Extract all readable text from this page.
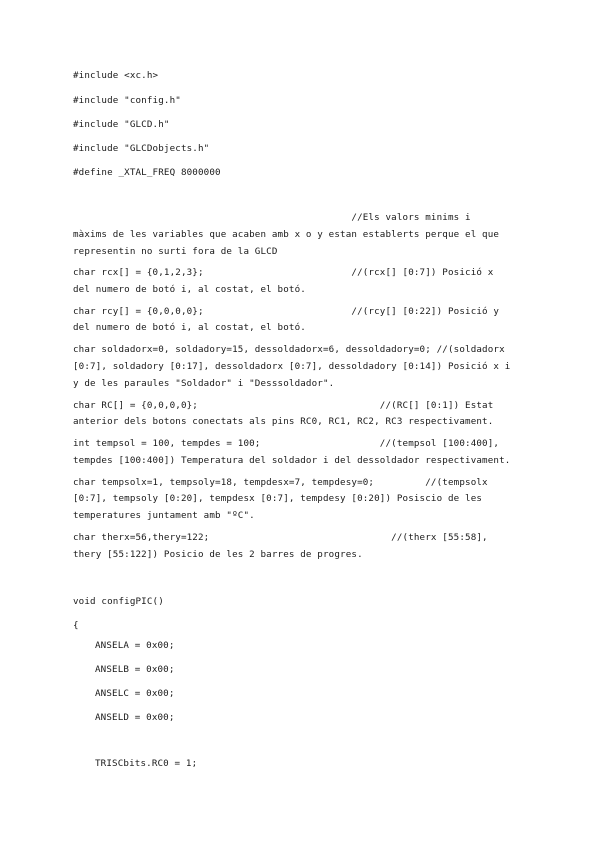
#include <xc.h>
#include "config.h"
#include "GLCD.h"
#include "GLCDobjects.h"
#define _XTAL_FREQ 8000000
//Els valors minims i
màxims de les variables que acaben amb x o y estan establerts perque el que
representin no surti fora de la GLCD
char rcx[] = {0,1,2,3};                          //(rcx[] [0:7]) Posició x
del numero de botó i, al costat, el botó.
char rcy[] = {0,0,0,0};                          //(rcy[] [0:22]) Posició y
del numero de botó i, al costat, el botó.
char soldadorx=0, soldadory=15, dessoldadorx=6, dessoldadory=0; //(soldadorx
[0:7], soldadory [0:17], dessoldadorx [0:7], dessoldadory [0:14]) Posició x i
y de les paraules "Soldador" i "Desssoldador".
char RC[] = {0,0,0,0};                                //(RC[] [0:1]) Estat
anterior dels botons conectats als pins RC0, RC1, RC2, RC3 respectivament.
int tempsol = 100, tempdes = 100;                     //(tempsol [100:400],
tempdes [100:400]) Temperatura del soldador i del dessoldador respectivament.
char tempsolx=1, tempsoly=18, tempdesx=7, tempdesy=0;         //(tempsolx
[0:7], tempsoly [0:20], tempdesx [0:7], tempdesy [0:20]) Posiscio de les
temperatures juntament amb "ºC".
char therx=56,thery=122;                                //(therx [55:58],
thery [55:122]) Posicio de les 2 barres de progres.
void configPIC()
{
ANSELA = 0x00;
ANSELB = 0x00;
ANSELC = 0x00;
ANSELD = 0x00;
TRISCbits.RC0 = 1;
